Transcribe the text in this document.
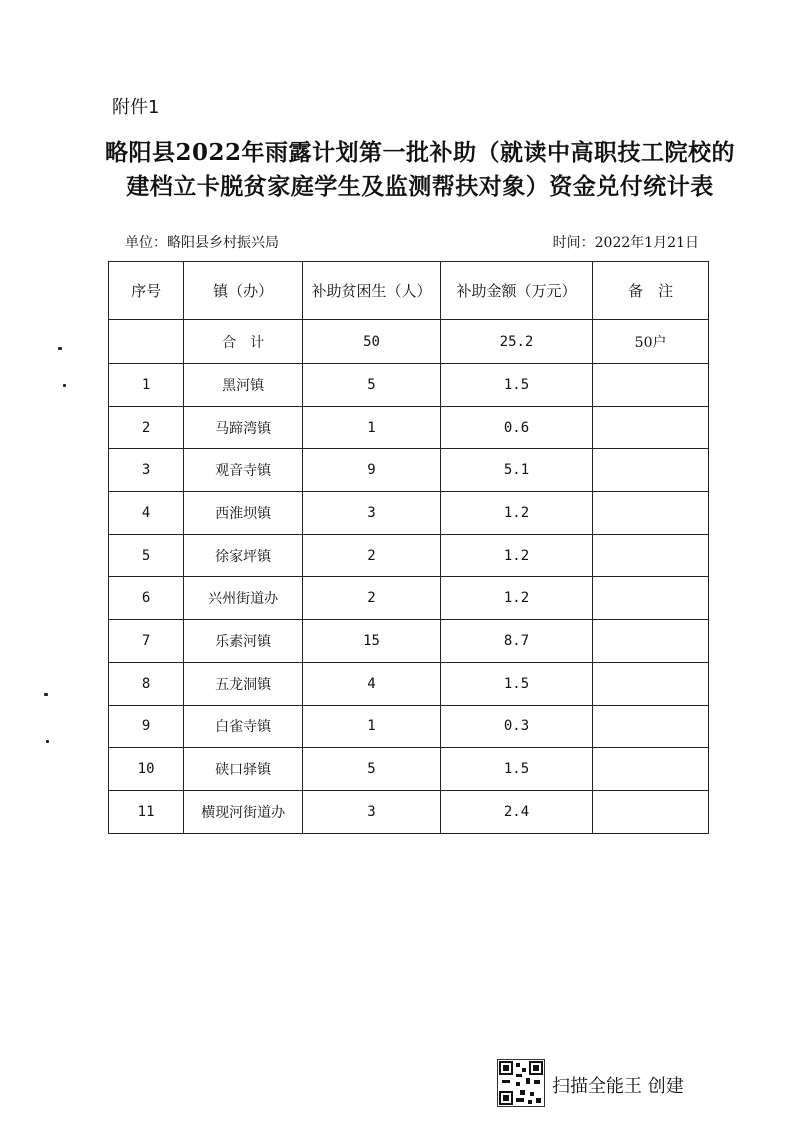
附件1
略阳县2022年雨露计划第一批补助（就读中高职技工院校的
建档立卡脱贫家庭学生及监测帮扶对象）资金兑付统计表
单位：略阳县乡村振兴局	时间：2022年1月21日
序号	镇（办）	补助贫困生（人）	补助金额（万元）	备　注
	合　计	50	25.2	50户
1	黑河镇	5	1.5	
2	马蹄湾镇	1	0.6	
3	观音寺镇	9	5.1	
4	西淮坝镇	3	1.2	
5	徐家坪镇	2	1.2	
6	兴州街道办	2	1.2	
7	乐素河镇	15	8.7	
8	五龙洞镇	4	1.5	
9	白雀寺镇	1	0.3	
10	硖口驿镇	5	1.5	
11	横现河街道办	3	2.4	
扫描全能王 创建
